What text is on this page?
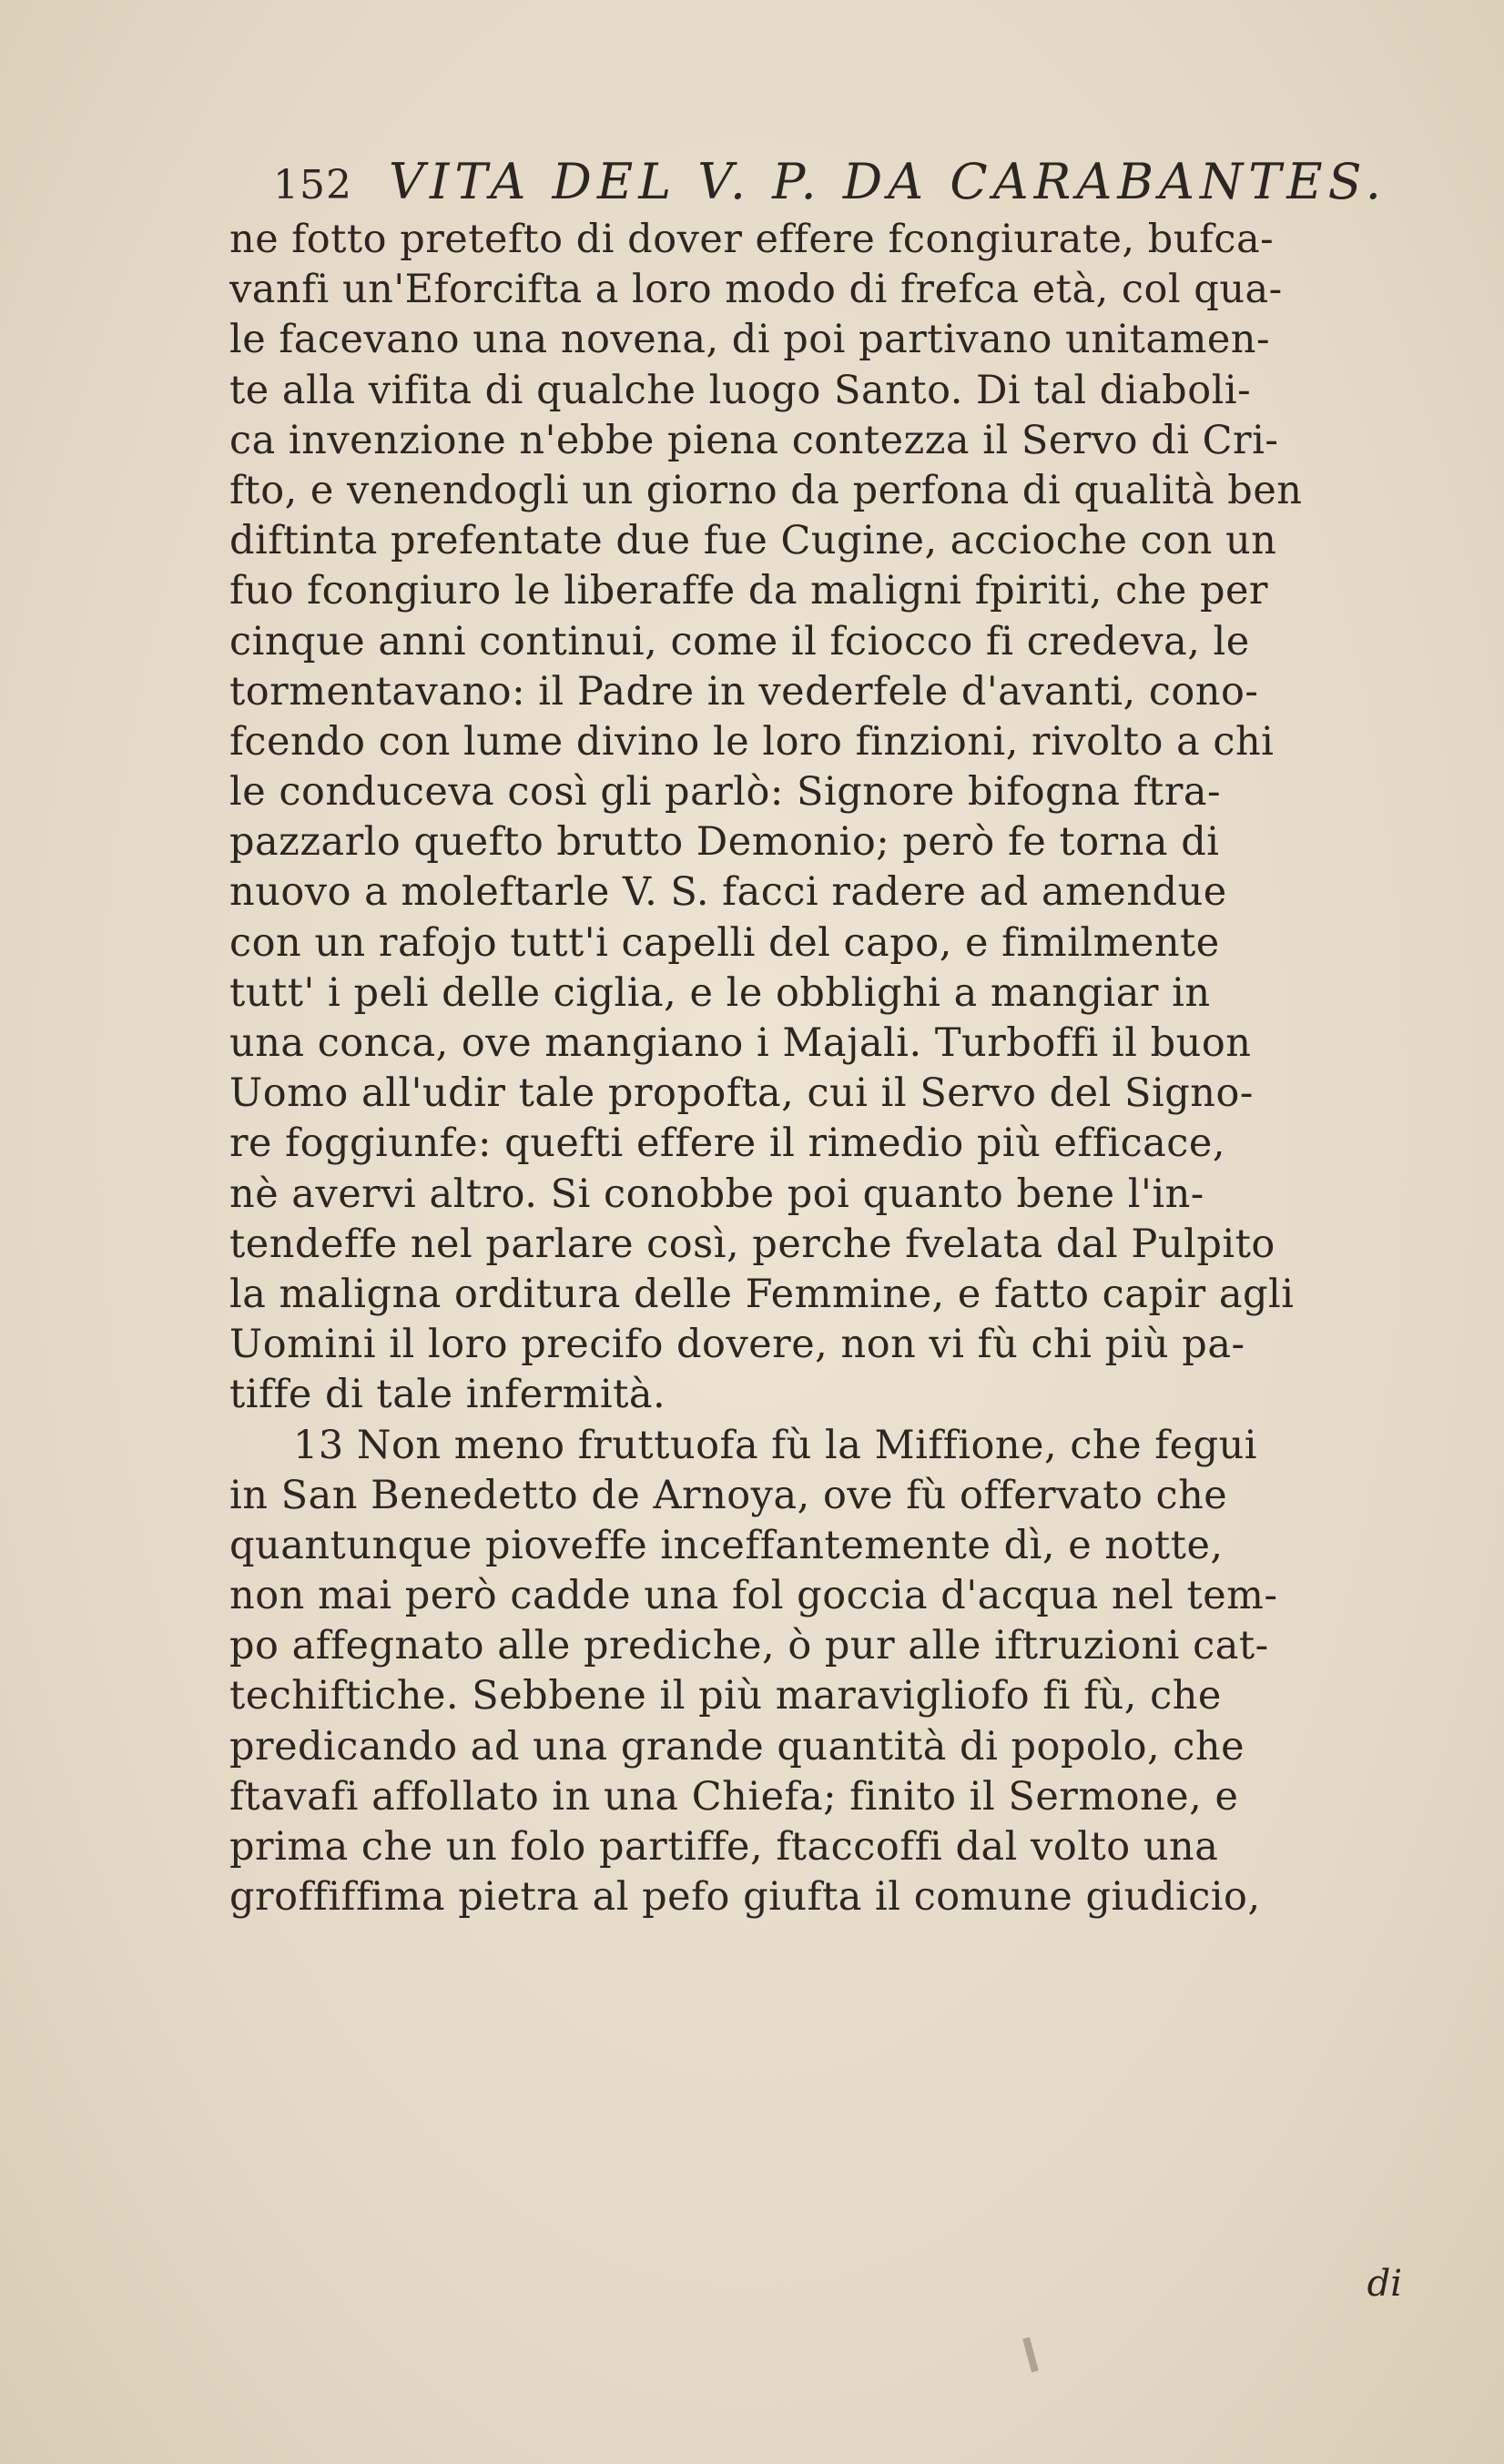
152 VITA DEL V. P. DA CARABANTES.
ne fotto pretefto di dover effere fcongiurate, bufca-
vanfi un'Eforcifta a loro modo di frefca età, col qua-
le facevano una novena, di poi partivano unitamen-
te alla vifita di qualche luogo Santo. Di tal diaboli-
ca invenzione n'ebbe piena contezza il Servo di Cri-
fto, e venendogli un giorno da perfona di qualità ben
diftinta prefentate due fue Cugine, accioche con un
fuo fcongiuro le liberaffe da maligni fpiriti, che per
cinque anni continui, come il fciocco fi credeva, le
tormentavano: il Padre in vederfele d'avanti, cono-
fcendo con lume divino le loro finzioni, rivolto a chi
le conduceva così gli parlò: Signore bifogna ftra-
pazzarlo quefto brutto Demonio; però fe torna di
nuovo a moleftarle V. S. facci radere ad amendue
con un rafojo tutt'i capelli del capo, e fimilmente
tutt' i peli delle ciglia, e le obblighi a mangiar in
una conca, ove mangiano i Majali. Turboffi il buon
Uomo all'udir tale propofta, cui il Servo del Signo-
re foggiunfe: quefti effere il rimedio più efficace,
nè avervi altro. Si conobbe poi quanto bene l'in-
tendeffe nel parlare così, perche fvelata dal Pulpito
la maligna orditura delle Femmine, e fatto capir agli
Uomini il loro precifo dovere, non vi fù chi più pa-
tiffe di tale infermità.
13 Non meno fruttuofa fù la Miffione, che fegui
in San Benedetto de Arnoya, ove fù offervato che
quantunque pioveffe inceffantemente dì, e notte,
non mai però cadde una fol goccia d'acqua nel tem-
po affegnato alle prediche, ò pur alle iftruzioni cat-
techiftiche. Sebbene il più maravigliofo fi fù, che
predicando ad una grande quantità di popolo, che
ftavafi affollato in una Chiefa; finito il Sermone, e
prima che un folo partiffe, ftaccoffi dal volto una
groffiffima pietra al pefo giufta il comune giudicio,
di
